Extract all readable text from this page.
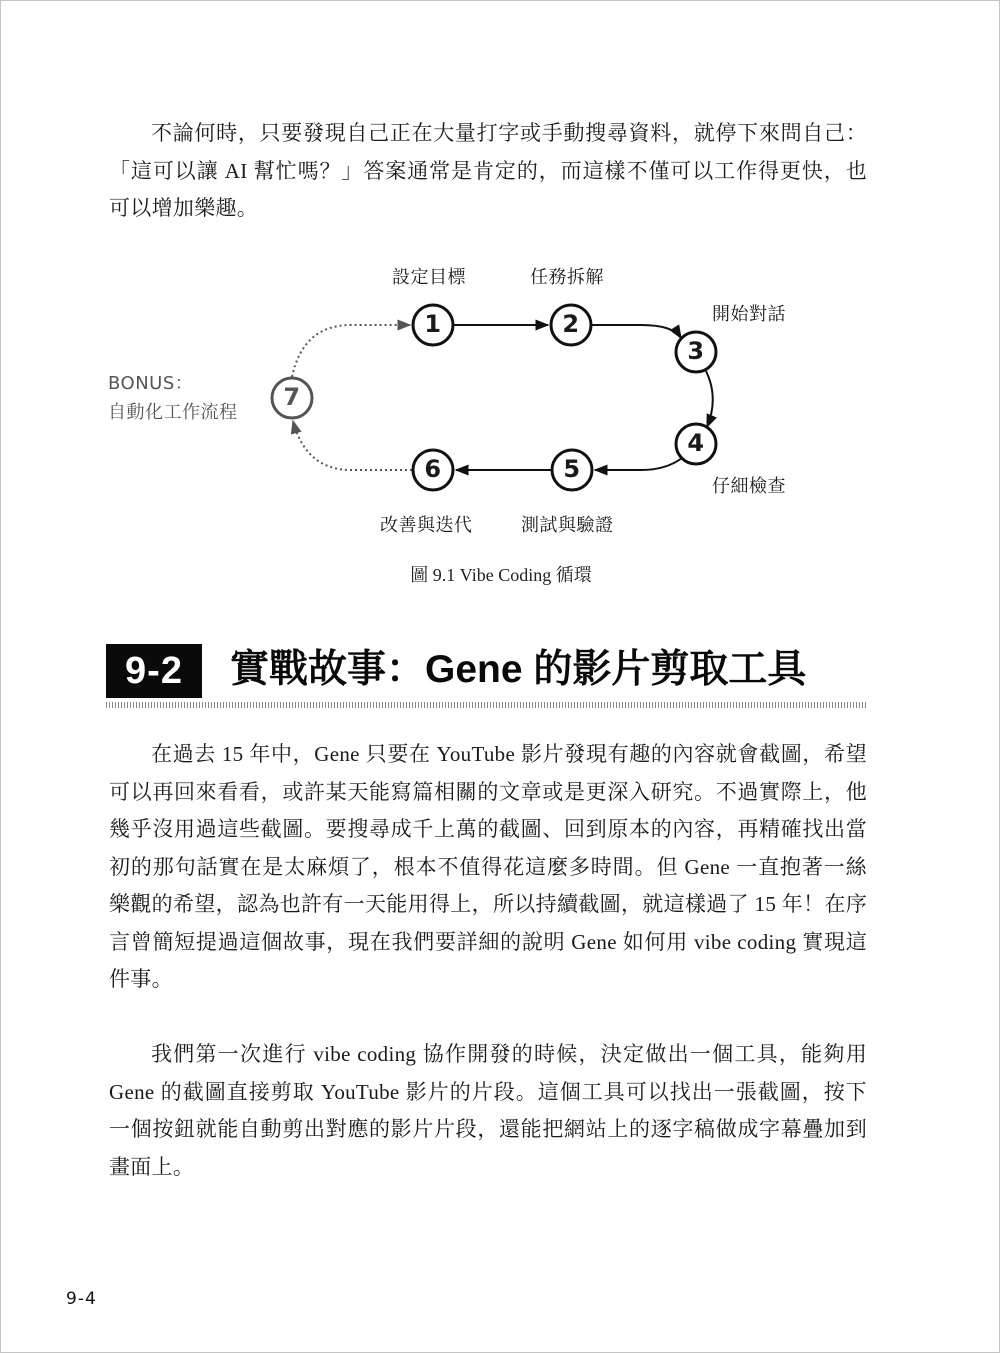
不論何時，只要發現自己正在大量打字或手動搜尋資料，就停下來問自己：「這可以讓 AI 幫忙嗎？」答案通常是肯定的，而這樣不僅可以工作得更快，也可以增加樂趣。

1	2
3
4
5
6
7
設定目標	任務拆解
開始對話
仔細檢查
測試與驗證
改善與迭代
BONUS：
自動化工作流程
圖 9.1 Vibe Coding 循環
9-2	實戰故事：Gene 的影片剪取工具

在過去 15 年中，Gene 只要在 YouTube 影片發現有趣的內容就會截圖，希望可以再回來看看，或許某天能寫篇相關的文章或是更深入研究。不過實際上，他幾乎沒用過這些截圖。要搜尋成千上萬的截圖、回到原本的內容，再精確找出當初的那句話實在是太麻煩了，根本不值得花這麼多時間。但 Gene 一直抱著一絲樂觀的希望，認為也許有一天能用得上，所以持續截圖，就這樣過了 15 年！在序言曾簡短提過這個故事，現在我們要詳細的說明 Gene 如何用 vibe coding 實現這件事。

我們第一次進行 vibe coding 協作開發的時候，決定做出一個工具，能夠用 Gene 的截圖直接剪取 YouTube 影片的片段。這個工具可以找出一張截圖，按下一個按鈕就能自動剪出對應的影片片段，還能把網站上的逐字稿做成字幕疊加到畫面上。

9-4
